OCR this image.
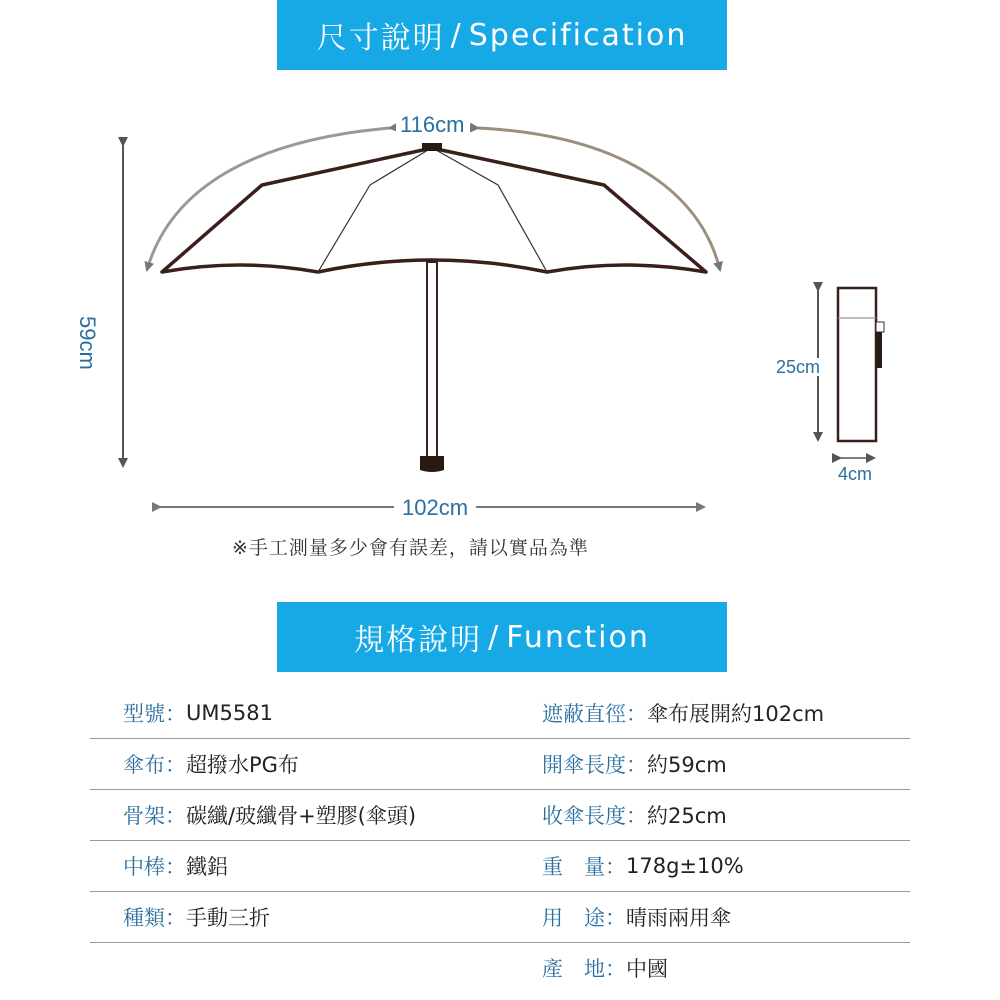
尺寸說明 / Specification
116cm
102cm
59cm	25cm
4cm
※手工測量多少會有誤差，請以實品為準
規格說明 / Function
型號： UM5581	遮蔽直徑： 傘布展開約102cm
傘布： 超撥水PG布	開傘長度： 約59cm
骨架： 碳纖/玻纖骨+塑膠(傘頭)	收傘長度： 約25cm
中棒： 鐵鋁	重　量： 178g±10%
種類： 手動三折	用　途： 晴雨兩用傘
產　地： 中國
